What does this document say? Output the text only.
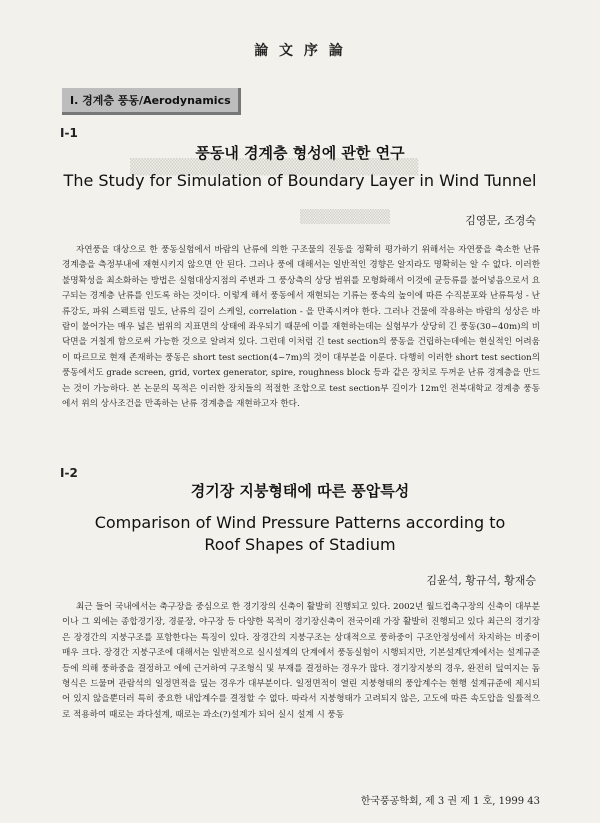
▒▒▒▒▒▒▒▒▒▒▒▒▒▒▒▒▒▒▒▒▒▒▒▒▒
▒▒▒▒▒▒▒▒▒
論 文 序 論
I. 경계층 풍동/Aerodynamics
I-1
풍동내 경계층 형성에 관한 연구
The Study for Simulation of Boundary Layer in Wind Tunnel
김영문, 조경숙
자연풍을 대상으로 한 풍동실험에서 바람의 난류에 의한 구조물의 진동을 정확히 평가하기 위해서는 자연풍을 축소한 난류 경계층을 측정부내에 재현시키지 않으면 안 된다. 그러나 풍에 대해서는 일반적인 경향은 알지라도 명확히는 알 수 없다. 이러한 불명확성을 최소화하는 방법은 실험대상지점의 주변과 그 풍상측의 상당 범위를 모형화해서 이것에 균등류를 불어넣음으로서 요구되는 경계층 난류를 인도록 하는 것이다. 이렇게 해서 풍동에서 재현되는 기류는 풍속의 높이에 따른 수직분포와 난류특성 - 난류강도, 파워 스펙트럼 밀도, 난류의 길이 스케일, correlation - 을 만족시켜야 한다. 그러나 건물에 작용하는 바람의 성상은 바람이 불어가는 매우 넓은 범위의 지표면의 상태에 좌우되기 때문에 이를 재현하는데는 실험부가 상당히 긴 풍동(30~40m)의 비닥면을 거칠게 함으로써 가능한 것으로 알려져 있다. 그런데 이처럼 긴 test section의 풍동을 건립하는데에는 현실적인 어려움이 따르므로 현재 존재하는 풍동은 short test section(4~7m)의 것이 대부분을 이룬다. 다행히 이러한 short test section의 풍동에서도 grade screen, grid, vortex generator, spire, roughness block 등과 같은 장치로 두꺼운 난류 경계층을 만드는 것이 가능하다. 본 논문의 목적은 이러한 장치들의 적절한 조합으로 test section부 길이가 12m인 전북대학교 경계층 풍동에서 위의 상사조건을 만족하는 난류 경계층을 재현하고자 한다.
I-2
경기장 지붕형태에 따른 풍압특성
Comparison of Wind Pressure Patterns according to Roof Shapes of Stadium
김윤석, 황규석, 황재승
최근 들어 국내에서는 축구장을 중심으로 한 경기장의 신축이 활발히 진행되고 있다. 2002년 월드컵축구장의 신축이 대부분이나 그 외에는 종합경기장, 경륜장, 야구장 등 다양한 목적이 경기장신축이 전국이래 가장 활발히 진행되고 있다 최근의 경기장은 장경간의 지붕구조를 포함한다는 특징이 있다. 장경간의 지붕구조는 상대적으로 풍하중이 구조안정성에서 차지하는 비중이 매우 크다. 장경간 지붕구조에 대해서는 일반적으로 실시설계의 단계에서 풍동실험이 시행되지만, 기본설계단계에서는 설계규준 등에 의해 풍하중을 결정하고 에에 근거하여 구조형식 및 부재를 결정하는 경우가 많다. 경기장지붕의 경우, 완전히 덮여지는 돔형식은 드물며 관람석의 일정면적을 덮는 경우가 대부분이다. 일정면적이 열린 지붕형태의 풍압계수는 현행 설계규준에 제시되어 있지 않을뿐더러 특히 중요한 내압계수를 결정할 수 없다. 따라서 지붕형태가 고려되지 않은, 고도에 따른 속도압을 일률적으로 적용하여 때로는 과다설계, 때로는 과소(?)설계가 되어 실시 설계 시 풍동
한국풍공학회, 제 3 권 제 1 호, 1999 43
